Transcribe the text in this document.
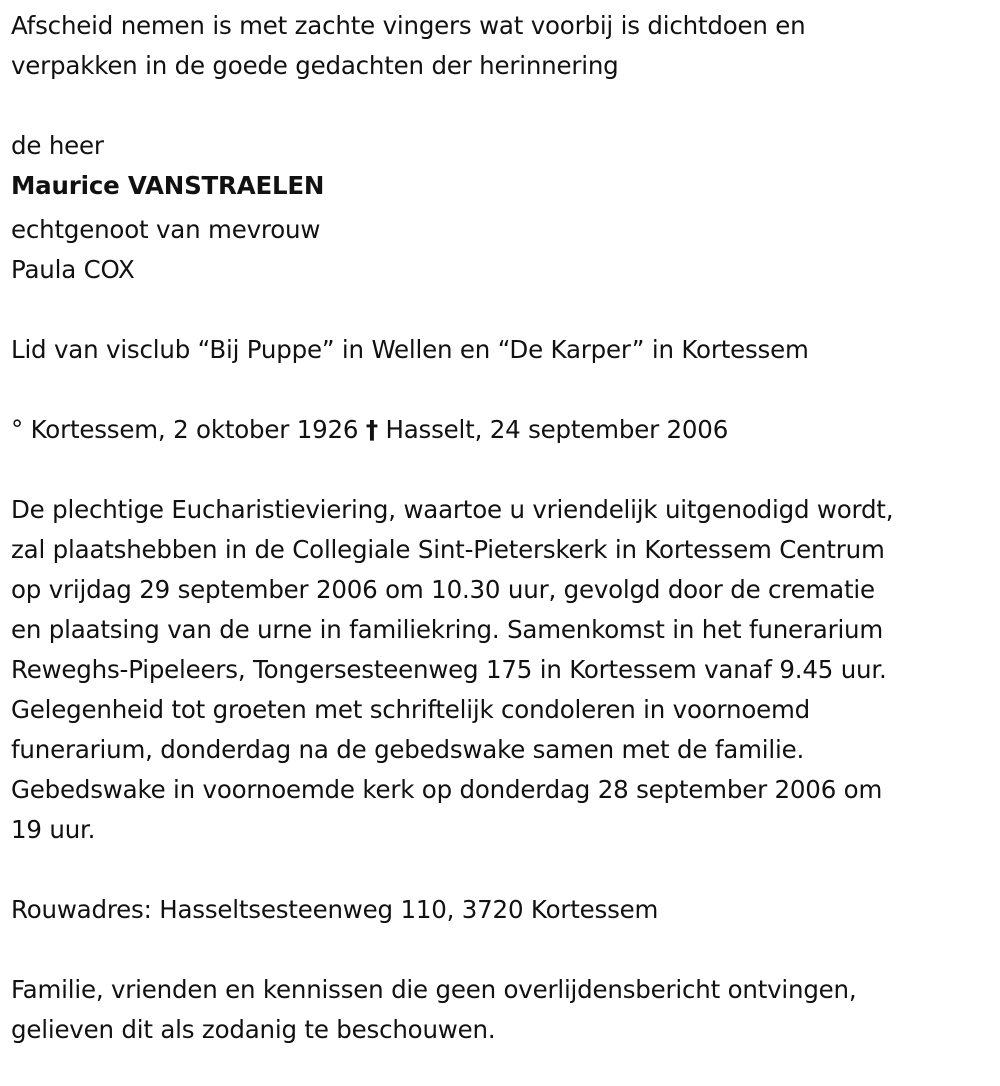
Afscheid nemen is met zachte vingers wat voorbij is dichtdoen en
verpakken in de goede gedachten der herinnering
de heer
Maurice VANSTRAELEN
echtgenoot van mevrouw
Paula COX
Lid van visclub “Bij Puppe” in Wellen en “De Karper” in Kortessem
° Kortessem, 2 oktober 1926 † Hasselt, 24 september 2006
De plechtige Eucharistieviering, waartoe u vriendelijk uitgenodigd wordt,
zal plaatshebben in de Collegiale Sint-Pieterskerk in Kortessem Centrum
op vrijdag 29 september 2006 om 10.30 uur, gevolgd door de crematie
en plaatsing van de urne in familiekring. Samenkomst in het funerarium
Reweghs-Pipeleers, Tongersesteenweg 175 in Kortessem vanaf 9.45 uur.
Gelegenheid tot groeten met schriftelijk condoleren in voornoemd
funerarium, donderdag na de gebedswake samen met de familie.
Gebedswake in voornoemde kerk op donderdag 28 september 2006 om
19 uur.
Rouwadres: Hasseltsesteenweg 110, 3720 Kortessem
Familie, vrienden en kennissen die geen overlijdensbericht ontvingen,
gelieven dit als zodanig te beschouwen.
